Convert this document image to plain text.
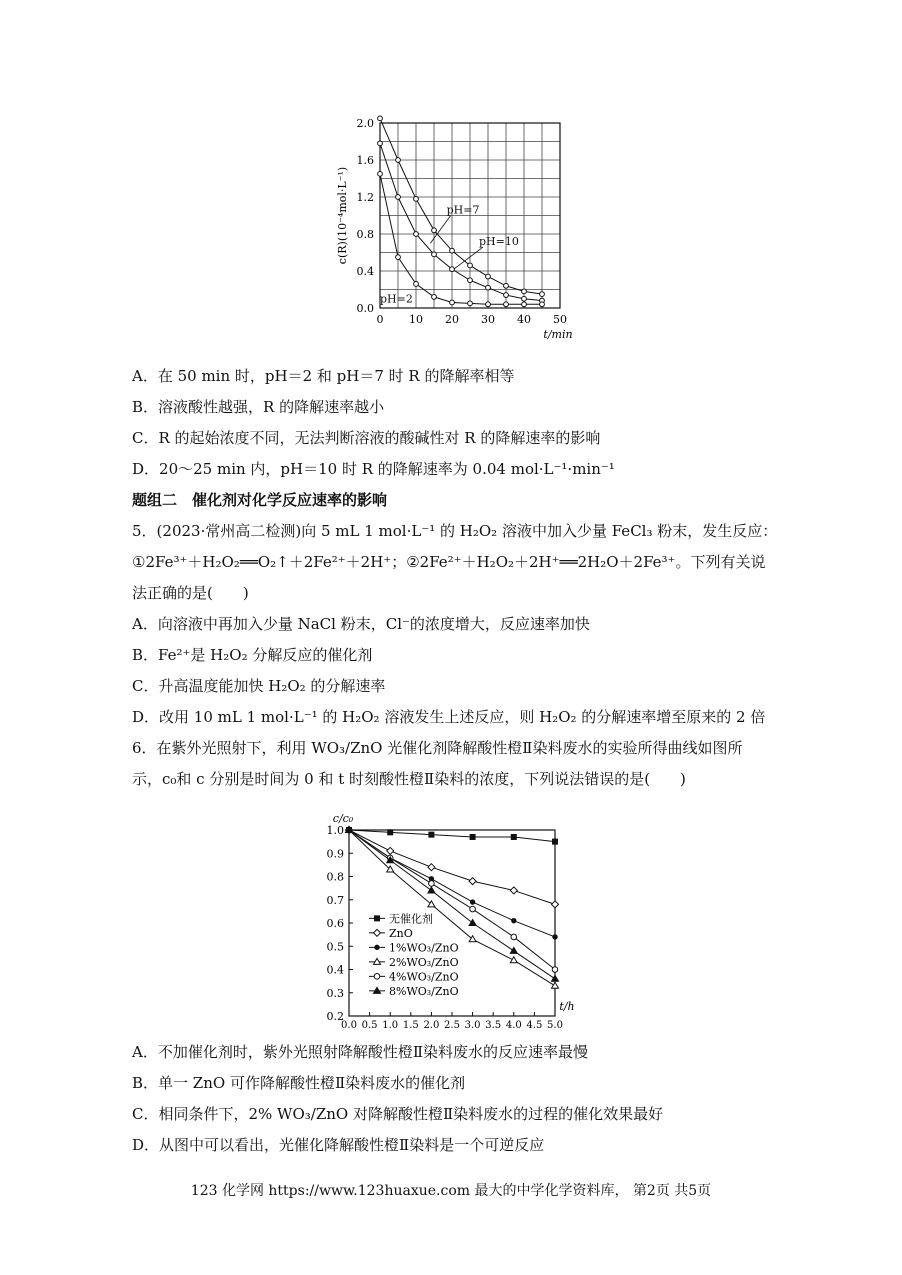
0 10 20 30 40 50
0.0
0.4
0.8
1.2
1.6
2.0
t/min
c(R)(10⁻⁴mol·L⁻¹)	pH=7
pH=10
pH=2
A．在 50 min 时，pH＝2 和 pH＝7 时 R 的降解率相等
B．溶液酸性越强，R 的降解速率越小
C．R 的起始浓度不同，无法判断溶液的酸碱性对 R 的降解速率的影响
D．20～25 min 内，pH＝10 时 R 的降解速率为 0.04 mol·L⁻¹·min⁻¹
题组二　催化剂对化学反应速率的影响
5．(2023·常州高二检测)向 5 mL 1 mol·L⁻¹ 的 H₂O₂ 溶液中加入少量 FeCl₃ 粉末，发生反应：
①2Fe³⁺＋H₂O₂══O₂↑＋2Fe²⁺＋2H⁺；②2Fe²⁺＋H₂O₂＋2H⁺══2H₂O＋2Fe³⁺。下列有关说
法正确的是(　　)
A．向溶液中再加入少量 NaCl 粉末，Cl⁻的浓度增大，反应速率加快
B．Fe²⁺是 H₂O₂ 分解反应的催化剂
C．升高温度能加快 H₂O₂ 的分解速率
D．改用 10 mL 1 mol·L⁻¹ 的 H₂O₂ 溶液发生上述反应，则 H₂O₂ 的分解速率增至原来的 2 倍
6．在紫外光照射下，利用 WO₃/ZnO 光催化剂降解酸性橙Ⅱ染料废水的实验所得曲线如图所
示，c₀和 c 分别是时间为 0 和 t 时刻酸性橙Ⅱ染料的浓度，下列说法错误的是(　　)
0.0 0.5 1.0 1.5 2.0 2.5 3.0 3.5 4.0 4.5 5.0
0.2
0.3
0.4
0.5
0.6
0.7
0.8
0.9
1.0
t/h
c/c₀
无催化剂
ZnO
1%WO₃/ZnO
2%WO₃/ZnO
4%WO₃/ZnO
8%WO₃/ZnO
A．不加催化剂时，紫外光照射降解酸性橙Ⅱ染料废水的反应速率最慢
B．单一 ZnO 可作降解酸性橙Ⅱ染料废水的催化剂
C．相同条件下，2% WO₃/ZnO 对降解酸性橙Ⅱ染料废水的过程的催化效果最好
D．从图中可以看出，光催化降解酸性橙Ⅱ染料是一个可逆反应
123 化学网 https://www.123huaxue.com 最大的中学化学资料库， 第2页 共5页
